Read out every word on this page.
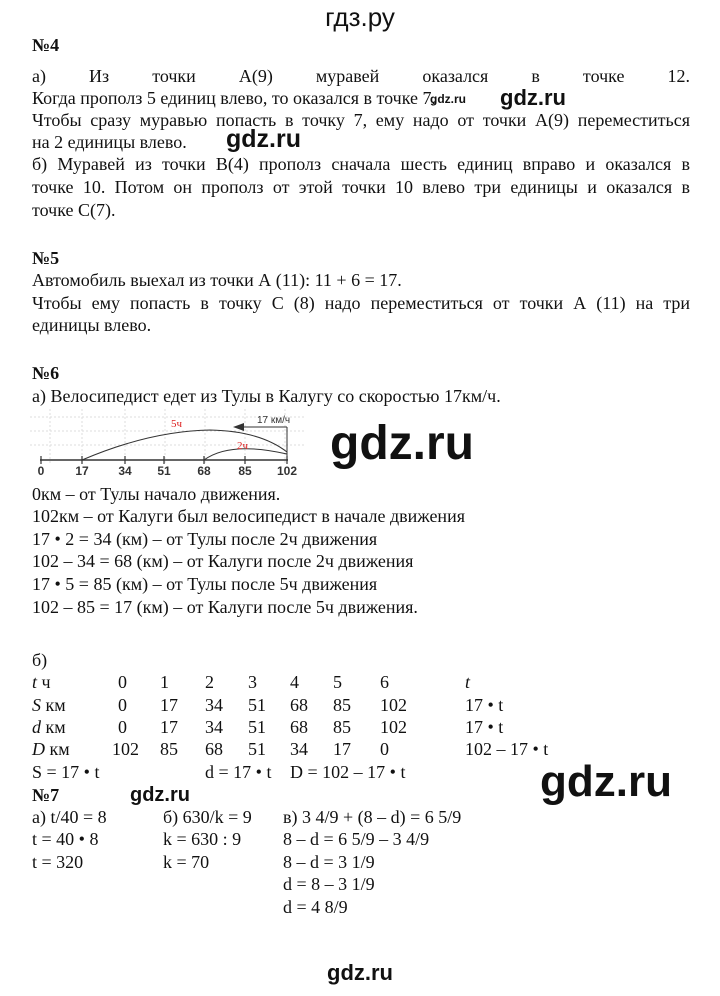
гдз.ру
№4
а) Из точки А(9) муравей оказался в точке 12.
Когда прополз 5 единиц влево, то оказался в точке 7.
Чтобы сразу муравью попасть в точку 7, ему надо от точки А(9) переместиться
на 2 единицы влево.
б) Муравей из точки В(4) прополз сначала шесть единиц вправо и оказался в
точке 10. Потом он прополз от этой точки 10 влево три единицы и оказался в
точке С(7).
№5
Автомобиль выехал из точки А (11): 11 + 6 = 17.
Чтобы ему попасть в точку С (8) надо переместиться от точки А (11) на три
единицы влево.
№6
а) Велосипедист едет из Тулы в Калугу со скоростью 17км/ч.
17 км/ч
5ч
2ч
0	17 34 51 68 85 102
0км – от Тулы начало движения.
102км – от Калуги был велосипедист в начале движения
17 • 2 = 34 (км) – от Тулы после 2ч движения
102 – 34 = 68 (км) – от Калуги после 2ч движения
17 • 5 = 85 (км) – от Тулы после 5ч движения
102 – 85 = 17 (км) – от Калуги после 5ч движения.
б)
t ч	0 1 2 3 4 5 6	t
S км	0 17 34 51 68 85 102	17 • t
d км	0 17 34 51 68 85 102	17 • t
D км 102 85 68 51 34 17 0	102 – 17 • t
S = 17 • t	d = 17 • t D = 102 – 17 • t
№7
а) t/40 = 8
t = 40 • 8
t = 320
б) 630/k = 9
k = 630 : 9
k = 70
в) 3 4/9 + (8 – d) = 6 5/9
8 – d = 6 5/9 – 3 4/9
8 – d = 3 1/9
d = 8 – 3 1/9
d = 4 8/9
gdz.ru
gdz.ru
gdz.ru
gdz.ru
gdz.ru
gdz.ru
gdz.ru
